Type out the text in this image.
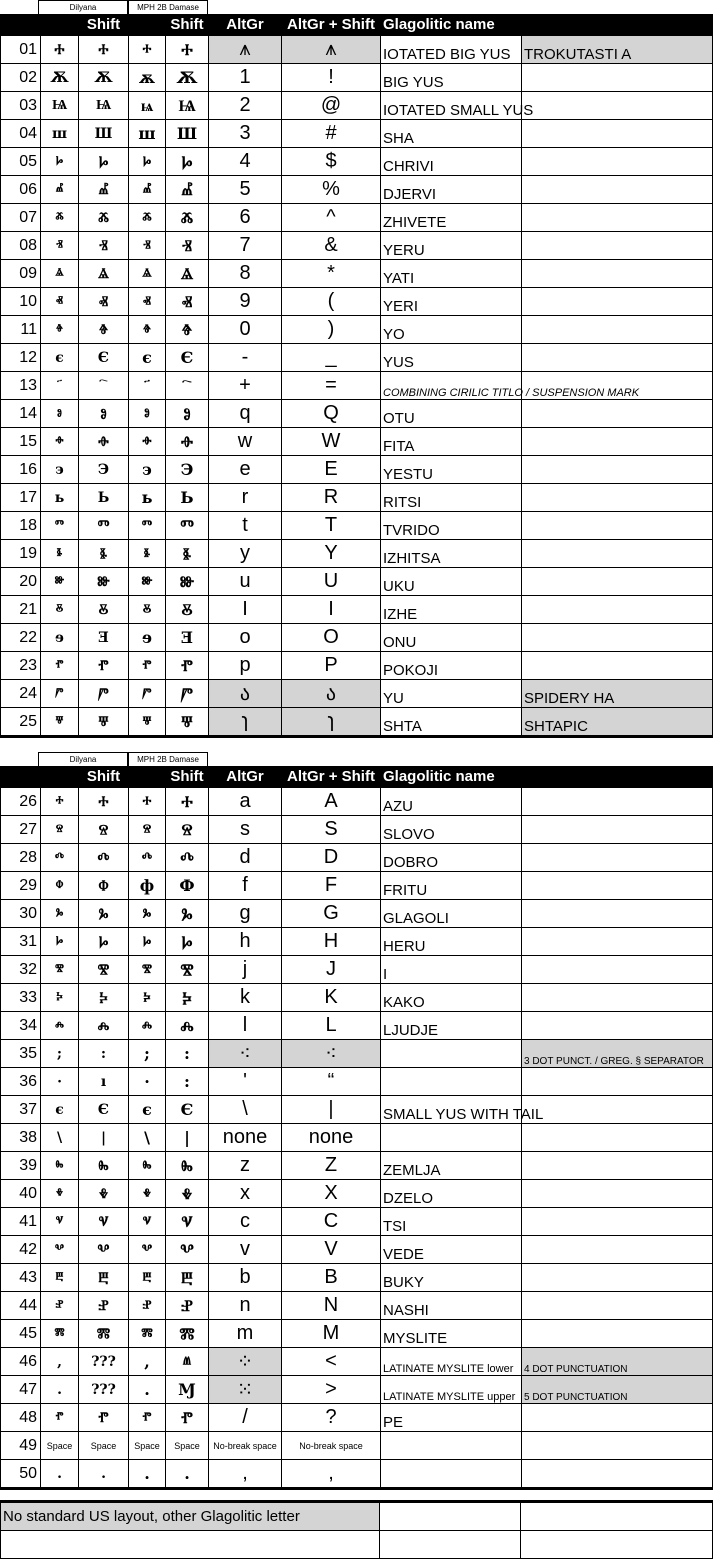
Dilyana	MPH 2B Damase
		Shift		Shift	AltGr	AltGr + Shift	Glagolitic name	
01	Ⰰ	Ⰰ	ⰰ	Ⰰ	⩚	⩚	IOTATED BIG YUS	TROKUTASTI A
02	Ѫ	Ѫ	ѫ	Ѫ	1	!	BIG YUS	
03	Ѩ	Ѩ	ѩ	Ѩ	2	@	IOTATED SMALL YUS	
04	ш	Ш	ш	Ш	3	#	SHA	
05	ⱈ	Ⱈ	ⱈ	Ⱈ	4	$	CHRIVI	
06	ⰼ	Ⰼ	ⰼ	Ⰼ	5	%	DJERVI	
07	ⰶ	Ⰶ	ⰶ	Ⰶ	6	^	ZHIVETE	
08	ⱐ	Ⱐ	ⱐ	Ⱐ	7	&	YERU	
09	ⱑ	Ⱑ	ⱑ	Ⱑ	8	*	YATI	
10	ⱏ	Ⱏ	ⱏ	Ⱏ	9	(	YERI	
11	ⱖ	Ⱖ	ⱖ	Ⱖ	0	)	YO	
12	є	Є	є	Є	-	_	YUS	
13					+	=	COMBINING CIRILIC TITLO / SUSPENSION MARK	
14	ⱁ	Ⱁ	ⱁ	Ⱁ	q	Q	OTU	
15	ⱚ	Ⱚ	ⱚ	Ⱚ	w	W	FITA	
16	э	Э	э	Э	e	E	YESTU	
17	ь	Ь	ь	Ь	r	R	RITSI	
18	ⱅ	Ⱅ	ⱅ	Ⱅ	t	T	TVRIDO	
19	ⱛ	Ⱛ	ⱛ	Ⱛ	y	Y	IZHITSA	
20	ⱆ	Ⱆ	ⱆ	Ⱆ	u	U	UKU	
21	ⰻ	Ⰻ	ⰻ	Ⰻ	I	I	IZHE	
22	ɘ	Ǝ	ɘ	Ǝ	o	O	ONU	
23	ⱂ	Ⱂ	ⱂ	Ⱂ	p	P	POKOJI	
24	ⱓ	Ⱓ	ⱓ	Ⱓ	ა	ა	YU	SPIDERY HA
25	ⱋ	Ⱋ	ⱋ	Ⱋ	ɿ	ɿ	SHTA	SHTAPIC
Dilyana	MPH 2B Damase
		Shift		Shift	AltGr	AltGr + Shift	Glagolitic name	
26	ⰰ	Ⰰ	ⰰ	Ⰰ	a	A	AZU	
27	ⱄ	Ⱄ	ⱄ	Ⱄ	s	S	SLOVO	
28	ⰴ	Ⰴ	ⰴ	Ⰴ	d	D	DOBRO	
29	ⱇ	Ⱇ	ф	Ф	f	F	FRITU	
30	ⰳ	Ⰳ	ⰳ	Ⰳ	g	G	GLAGOLI	
31	ⱈ	Ⱈ	ⱈ	Ⱈ	h	H	HERU	
32	ⰺ	Ⰺ	ⰺ	Ⰺ	j	J	I	
33	ⰽ	Ⰽ	ⰽ	Ⰽ	k	K	KAKO	
34	ⰾ	Ⰾ	ⰾ	Ⰾ	l	L	LJUDJE	
35	;	:	;	:	⁖	⁖		3 DOT PUNCT. / GREG. § SEPARATOR
36	·	ı	·	:	'	“		
37	є	Є	є	Є	\	|	SMALL YUS WITH TAIL	
38	\	|	\	|	none	none		
39	ⰸ	Ⰸ	ⰸ	Ⰸ	z	Z	ZEMLJA	
40	ⰷ	Ⰷ	ⰷ	Ⰷ	x	X	DZELO	
41	ⱌ	Ⱌ	ⱌ	Ⱌ	c	C	TSI	
42	ⰲ	Ⰲ	ⰲ	Ⰲ	v	V	VEDE	
43	ⰱ	Ⰱ	ⰱ	Ⰱ	b	B	BUKY	
44	ⱀ	Ⱀ	ⱀ	Ⱀ	n	N	NASHI	
45	ⰿ	Ⰿ	ⰿ	Ⰿ	m	M	MYSLITE	
46	,	???	,	ⱞ	⁘	<	LATINATE MYSLITE lower	4 DOT PUNCTUATION
47	.	???	.	Ɱ	⁙	>	LATINATE MYSLITE upper	5 DOT PUNCTUATION
48	ⱂ	Ⱂ	ⱂ	Ⱂ	/	?	PE	
49	Space	Space	Space	Space	No-break space	No-break space		
50	.	.	.	.	,	,		
No standard US layout, other Glagolitic letter		
